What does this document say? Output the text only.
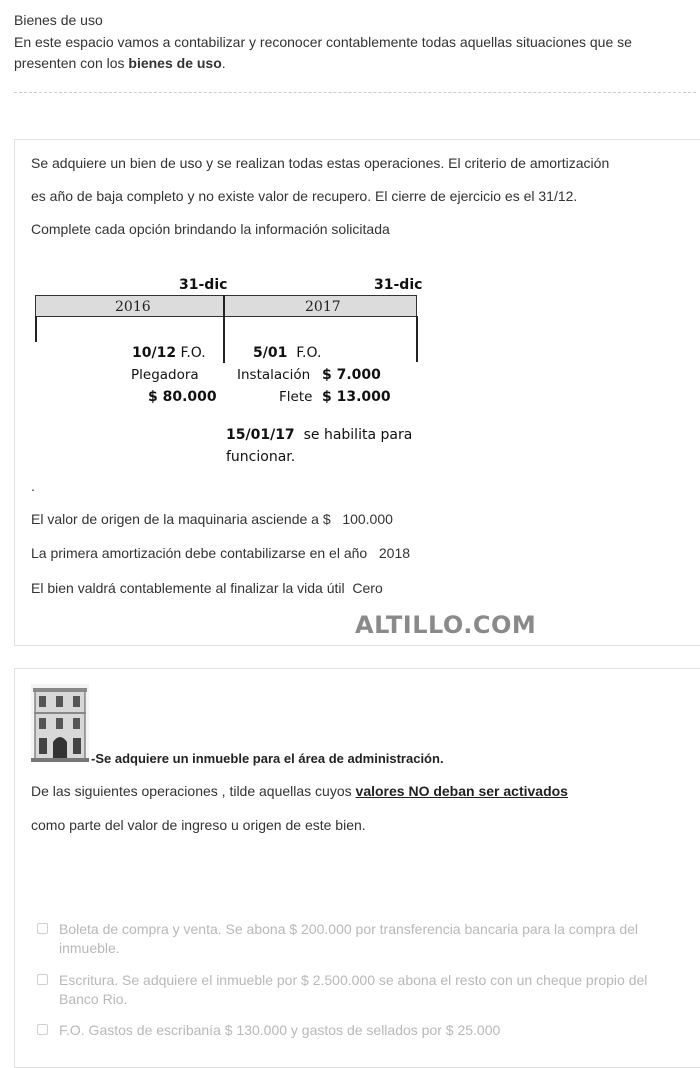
Bienes de uso
En este espacio vamos a contabilizar y reconocer contablemente todas aquellas situaciones que se presenten con los bienes de uso.
Se adquiere un bien de uso y se realizan todas estas operaciones. El criterio de amortización
es año de baja completo y no existe valor de recupero. El cierre de ejercicio es el 31/12.
Complete cada opción brindando la información solicitada
31-dic	31-dic
2016	2017
10/12 F.O.
Plegadora
$ 80.000
5/01 F.O.
Instalación $ 7.000
Flete $ 13.000
15/01/17 se habilita para
funcionar.
.
El valor de origen de la maquinaria asciende a $ 100.000
La primera amortización debe contabilizarse en el año 2018
El bien valdrá contablemente al finalizar la vida útil Cero
ALTILLO.COM
-Se adquiere un inmueble para el área de administración.
De las siguientes operaciones , tilde aquellas cuyos valores NO deban ser activados
como parte del valor de ingreso u origen de este bien.
Boleta de compra y venta. Se abona $ 200.000 por transferencia bancaria para la compra del inmueble.
Escritura. Se adquiere el inmueble por $ 2.500.000 se abona el resto con un cheque propio del Banco Rio.
F.O. Gastos de escribanía $ 130.000 y gastos de sellados por $ 25.000
